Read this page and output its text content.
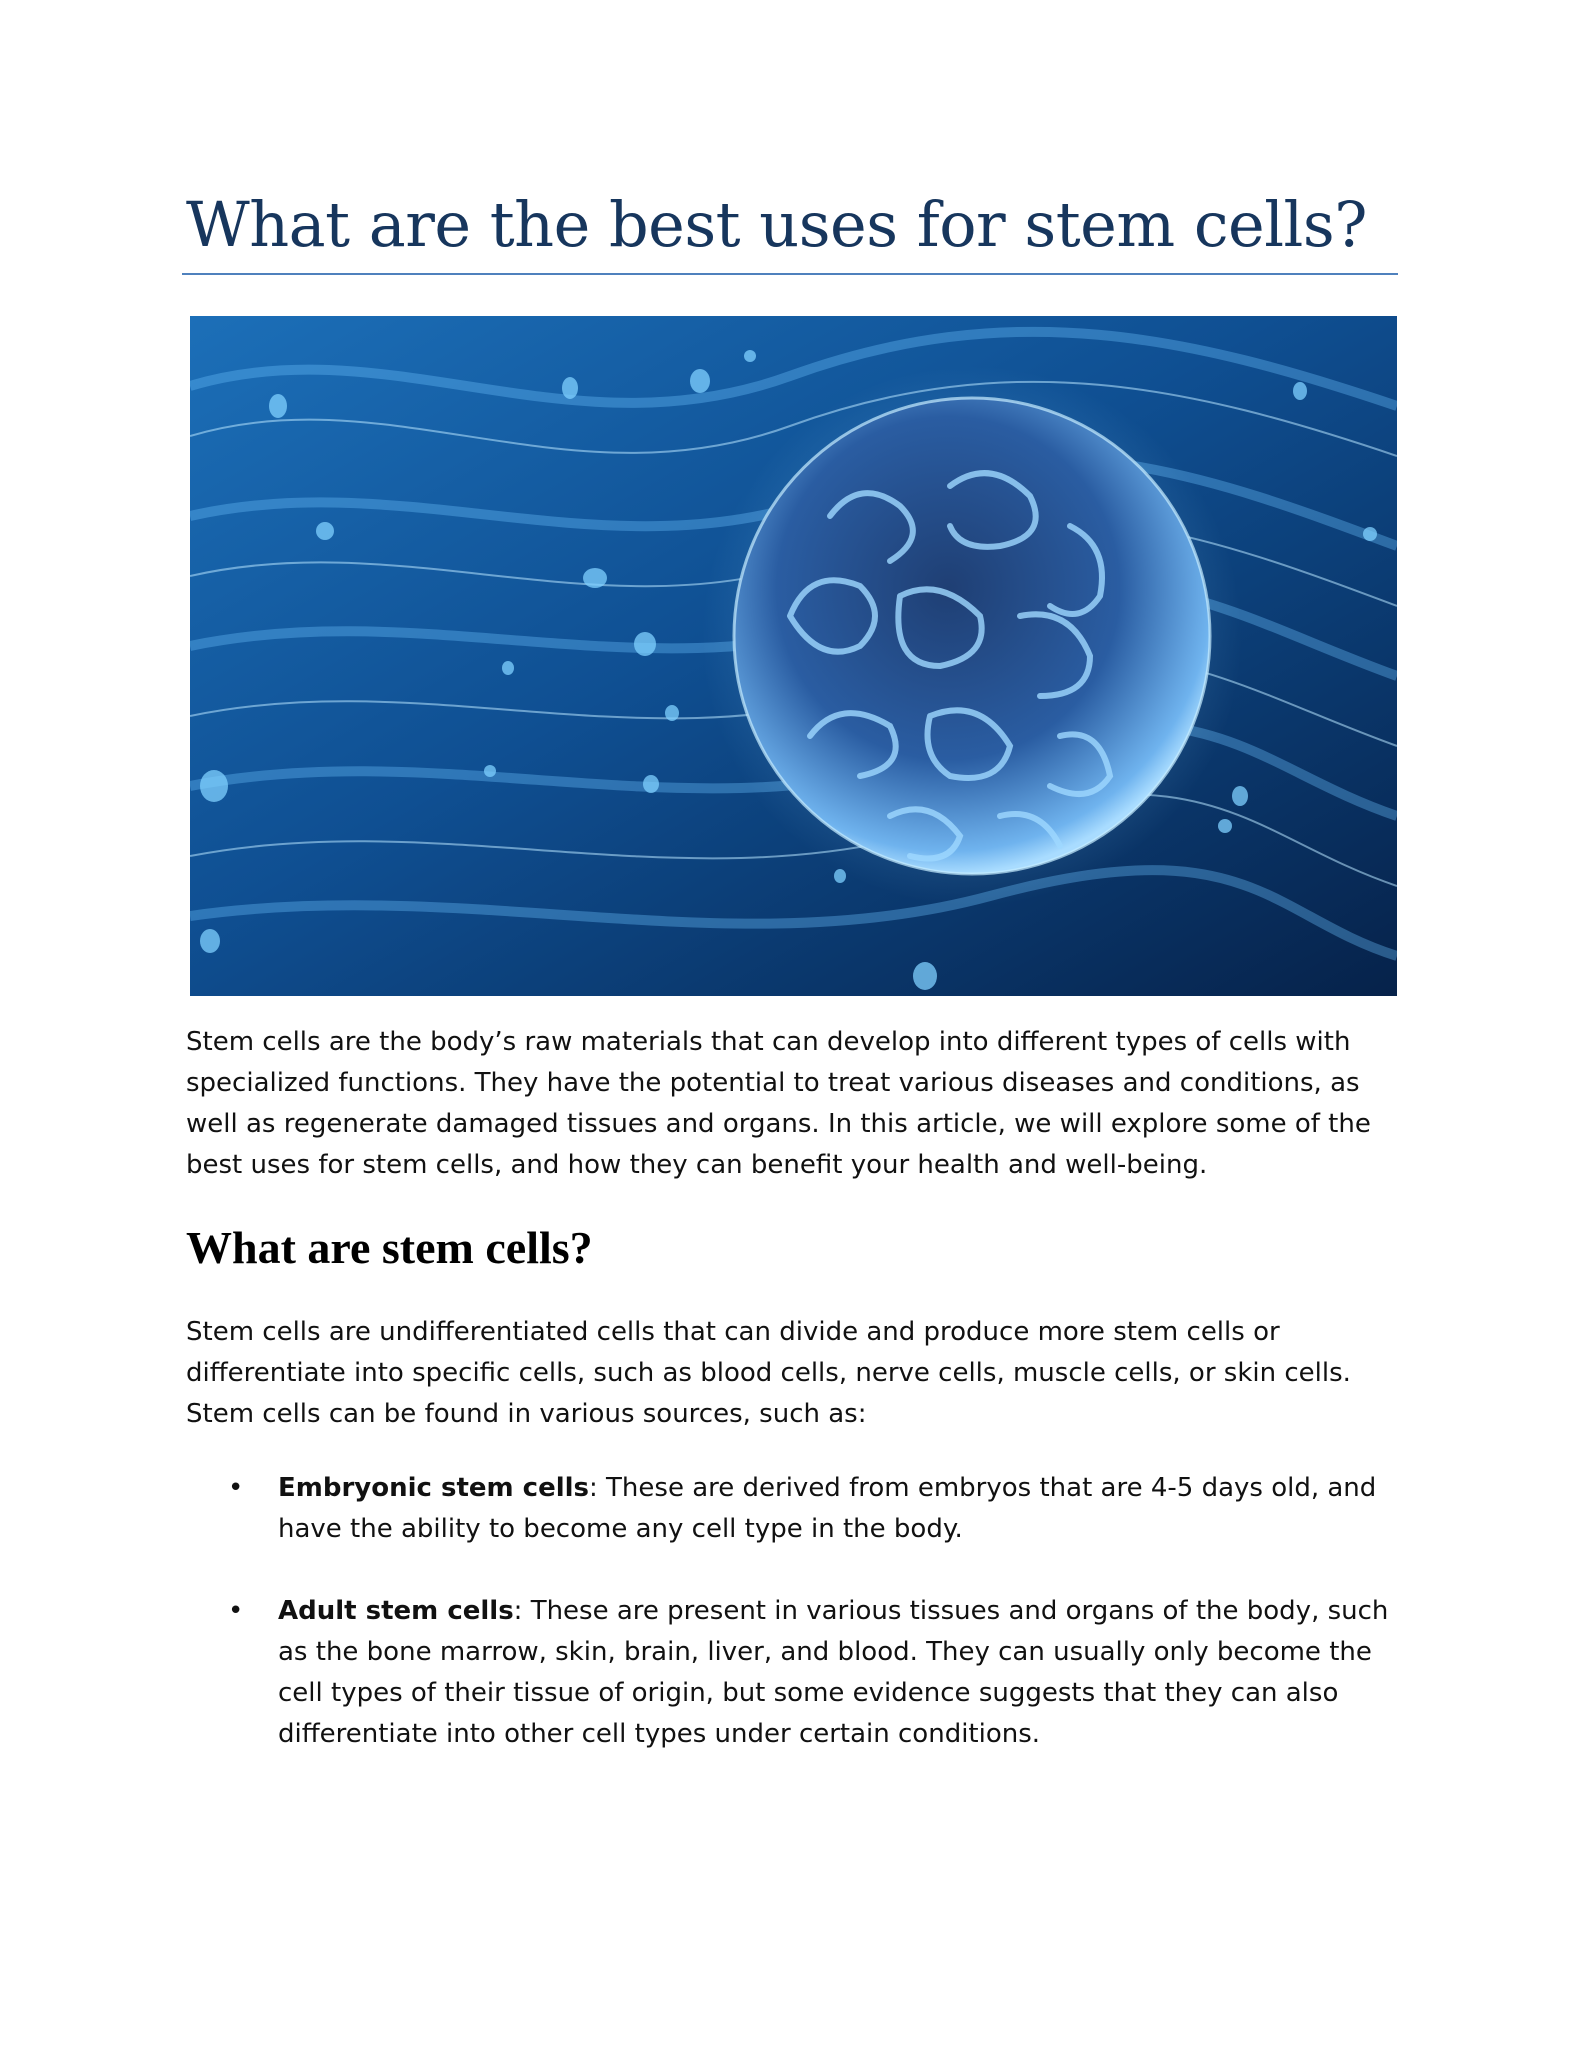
What are the best uses for stem cells?

Stem cells are the body’s raw materials that can develop into different types of cells with specialized functions. They have the potential to treat various diseases and conditions, as well as regenerate damaged tissues and organs. In this article, we will explore some of the best uses for stem cells, and how they can benefit your health and well-being.

What are stem cells?

Stem cells are undifferentiated cells that can divide and produce more stem cells or differentiate into specific cells, such as blood cells, nerve cells, muscle cells, or skin cells. Stem cells can be found in various sources, such as:

• Embryonic stem cells: These are derived from embryos that are 4-5 days old, and have the ability to become any cell type in the body.
• Adult stem cells: These are present in various tissues and organs of the body, such as the bone marrow, skin, brain, liver, and blood. They can usually only become the cell types of their tissue of origin, but some evidence suggests that they can also differentiate into other cell types under certain conditions.
